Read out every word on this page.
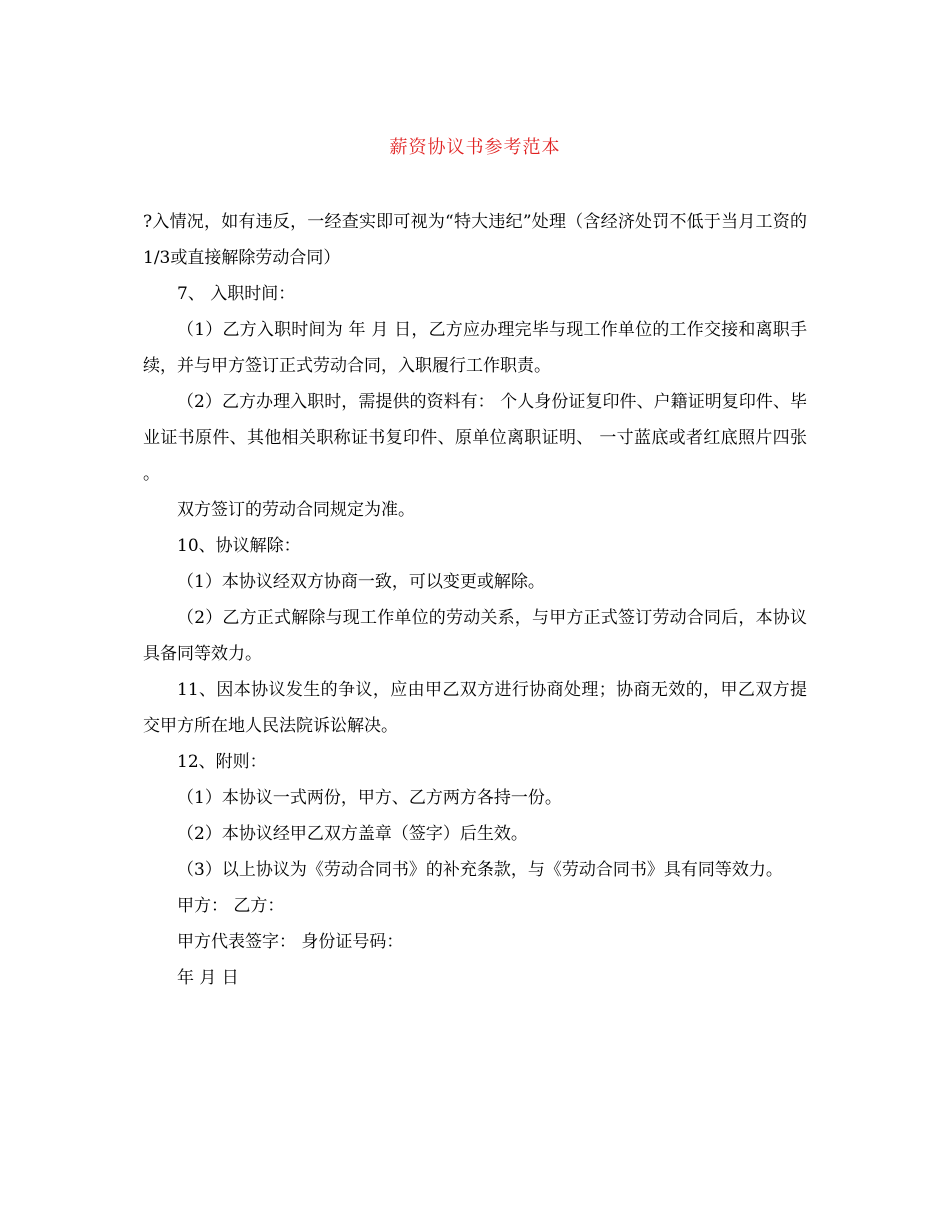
薪资协议书参考范本

?入情况，如有违反，一经查实即可视为“特大违纪”处理（含经济处罚不低于当月工资的1/3或直接解除劳动合同）

7、 入职时间：

（1）乙方入职时间为 年 月 日，乙方应办理完毕与现工作单位的工作交接和离职手续，并与甲方签订正式劳动合同，入职履行工作职责。

（2）乙方办理入职时，需提供的资料有： 个人身份证复印件、户籍证明复印件、毕业证书原件、其他相关职称证书复印件、原单位离职证明、 一寸蓝底或者红底照片四张 。

双方签订的劳动合同规定为准。

10、协议解除：

（1）本协议经双方协商一致，可以变更或解除。

（2）乙方正式解除与现工作单位的劳动关系，与甲方正式签订劳动合同后，本协议具备同等效力。

11、因本协议发生的争议，应由甲乙双方进行协商处理；协商无效的，甲乙双方提交甲方所在地人民法院诉讼解决。

12、附则：

（1）本协议一式两份，甲方、乙方两方各持一份。

（2）本协议经甲乙双方盖章（签字）后生效。

（3）以上协议为《劳动合同书》的补充条款，与《劳动合同书》具有同等效力。

甲方： 乙方：

甲方代表签字： 身份证号码：

年 月 日
